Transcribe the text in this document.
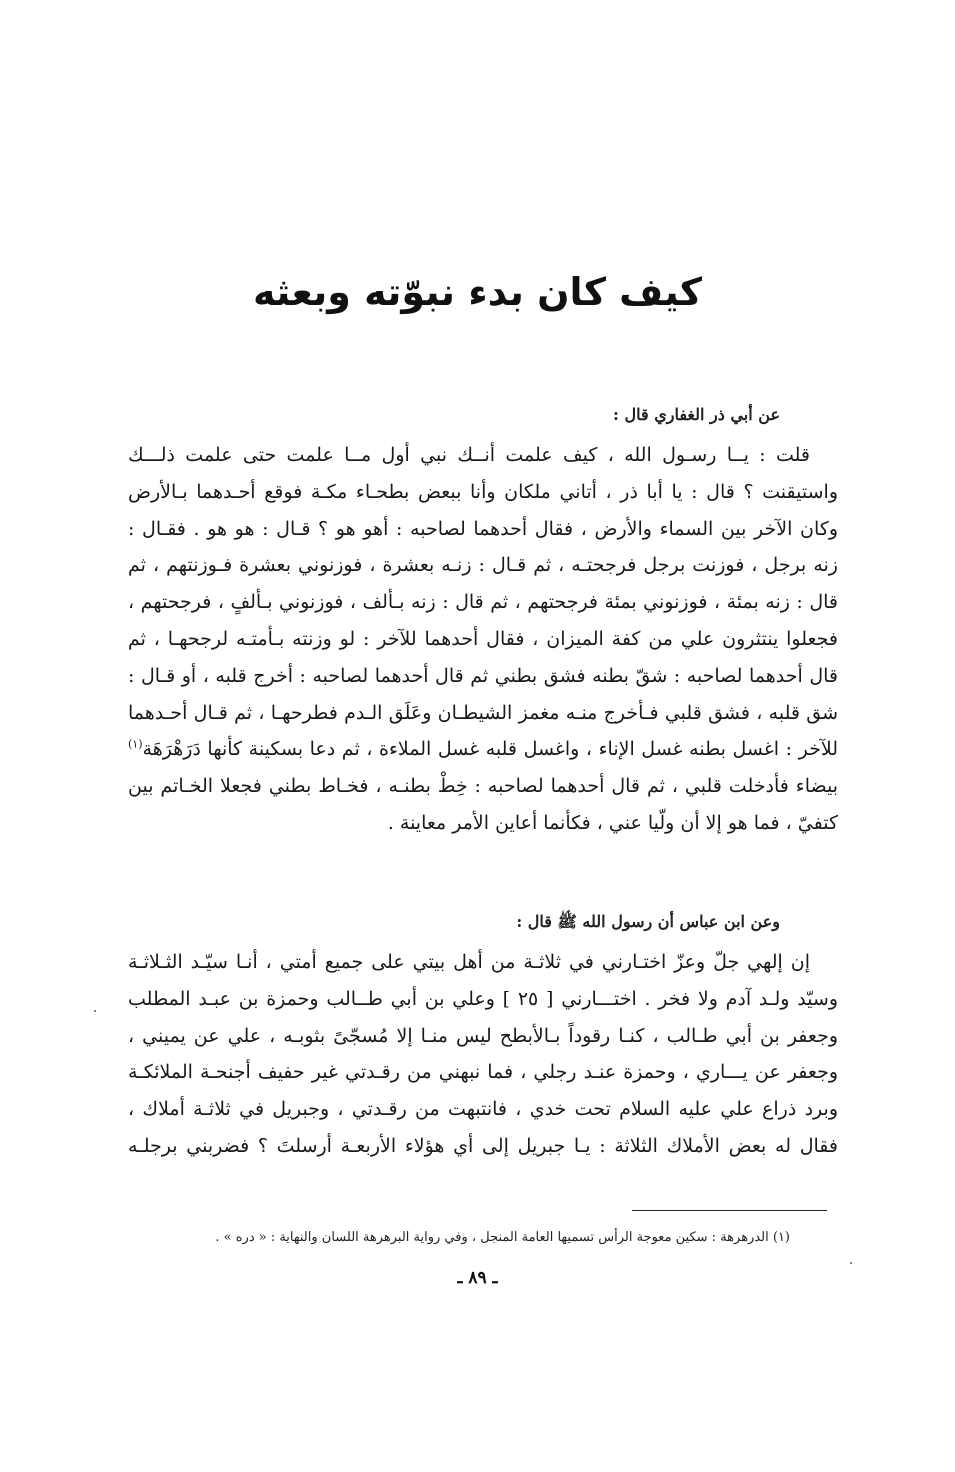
كيف كان بدء نبوّته وبعثه
عن أبي ذر الغفاري قال :
قلت : يــا رسـول الله ، كيف علمت أنــك نبي أول مــا علمت حتى علمت ذلـــك
واستيقنت ؟ قال : يا أبا ذر ، أتاني ملكان وأنا ببعض بطحـاء مكـة فوقع أحـدهما بـالأرض
وكان الآخر بين السماء والأرض ، فقال أحدهما لصاحبه : أهو هو ؟ قـال : هو هو . فقـال :
زنه برجل ، فوزنت برجل فرجحتـه ، ثم قـال : زنـه بعشرة ، فوزنوني بعشرة فـوزنتهم ، ثم
قال : زنه بمئة ، فوزنوني بمئة فرجحتهم ، ثم قال : زنه بـألف ، فوزنوني بـألفٍ ، فرجحتهم ،
فجعلوا ينتثرون علي من كفة الميزان ، فقال أحدهما للآخر : لو وزنته بـأمتـه لرجحهـا ، ثم
قال أحدهما لصاحبه : شقّ بطنه فشق بطني ثم قال أحدهما لصاحبه : أخرج قلبه ، أو قـال :
شق قلبه ، فشق قلبي فـأخرج منـه مغمز الشيطـان وعَلَق الـدم فطرحهـا ، ثم قـال أحـدهما
للآخر : اغسل بطنه غسل الإناء ، واغسل قلبه غسل الملاءة ، ثم دعا بسكينة كأنها دَرَهْرَهَة$^{(١)}$
بيضاء فأدخلت قلبي ، ثم قال أحدهما لصاحبه : خِطْ بطنـه ، فخـاط بطني فجعلا الخـاتم بين
كتفيّ ، فما هو إلا أن ولّيا عني ، فكأنما أعاين الأمر معاينة .
وعن ابن عباس أن رسول الله ﷺ قال :
إن إلهي جلّ وعزّ اختـارني في ثلاثـة من أهل بيتي على جميع أمتي ، أنـا سيّـد الثـلاثـة
وسيّد ولـد آدم ولا فخر . اختـــارني [ ٢٥ ] وعلي بن أبي طــالب وحمزة بن عبـد المطلب
وجعفر بن أبي طـالب ، كنـا رقوداً بـالأبطح ليس منـا إلا مُسجّىً بثوبـه ، علي عن يميني ،
وجعفر عن يـــاري ، وحمزة عنـد رجلي ، فما نبهني من رقـدتي غير حفيف أجنحـة الملائكـة
وبرد ذراع علي عليه السلام تحت خدي ، فانتبهت من رقـدتي ، وجبريل في ثلاثـة أملاك ،
فقال له بعض الأملاك الثلاثة : يـا جبريل إلى أي هؤلاء الأربعـة أرسلتَ ؟ فضربني برجلـه
(١) الدرهرهة : سكين معوجة الرأس تسميها العامة المنجل ، وفي رواية البرهرهة اللسان والنهاية : « دره » .
ـ ٨٩ ـ
